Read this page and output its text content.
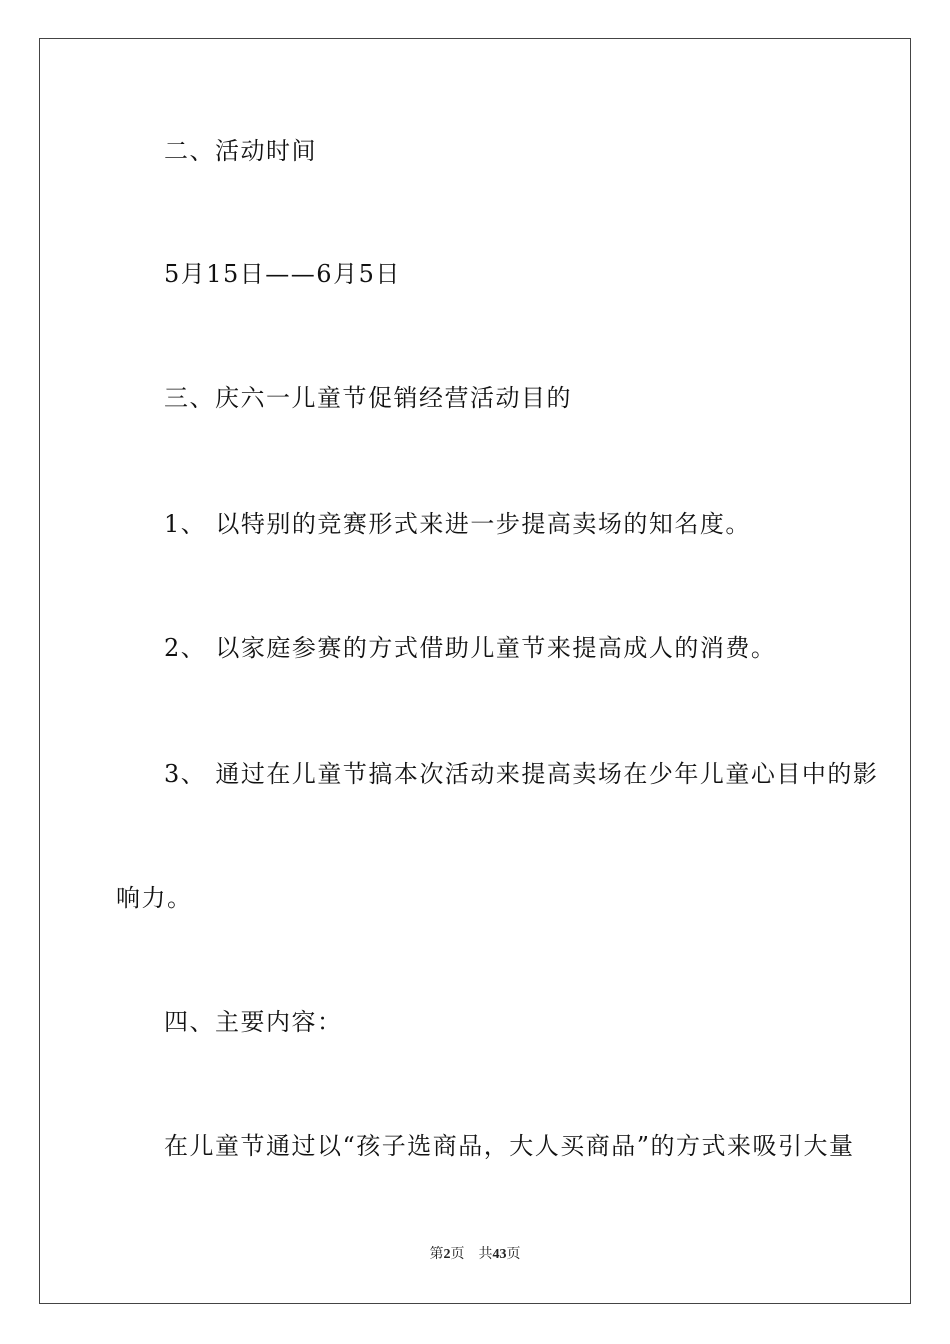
二、活动时间
5月15日——6月5日
三、庆六一儿童节促销经营活动目的
1、 以特别的竞赛形式来进一步提高卖场的知名度。
2、 以家庭参赛的方式借助儿童节来提高成人的消费。
3、 通过在儿童节搞本次活动来提高卖场在少年儿童心目中的影
响力。
四、主要内容：
在儿童节通过以“孩子选商品，大人买商品”的方式来吸引大量
第2页 共43页
